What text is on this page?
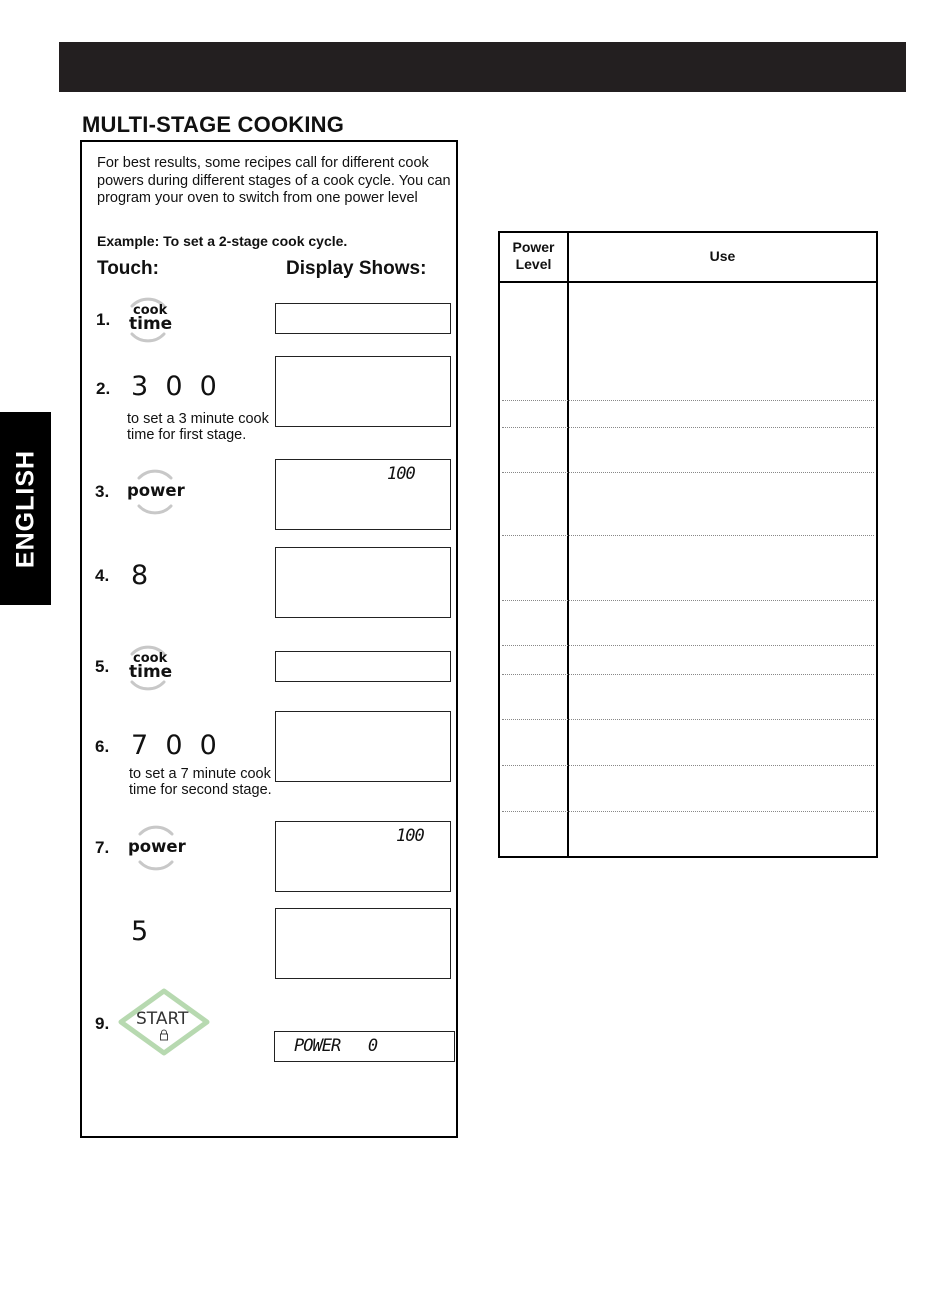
MULTI-STAGE COOKING
ENGLISH
For best results, some recipes call for different cook powers during different stages of a cook cycle. You can program your oven to switch from one power level
Example: To set a 2-stage cook cycle.
Touch:	Display Shows:
1. cook
time
2. 3  0  0
to set a 3 minute cook time for first stage.
3. power
100
4. 8
5. cook
time
6. 7  0  0
to set a 7 minute cook time for second stage.
7. power
100
5
9. START
POWER   0
Power Level	Use
